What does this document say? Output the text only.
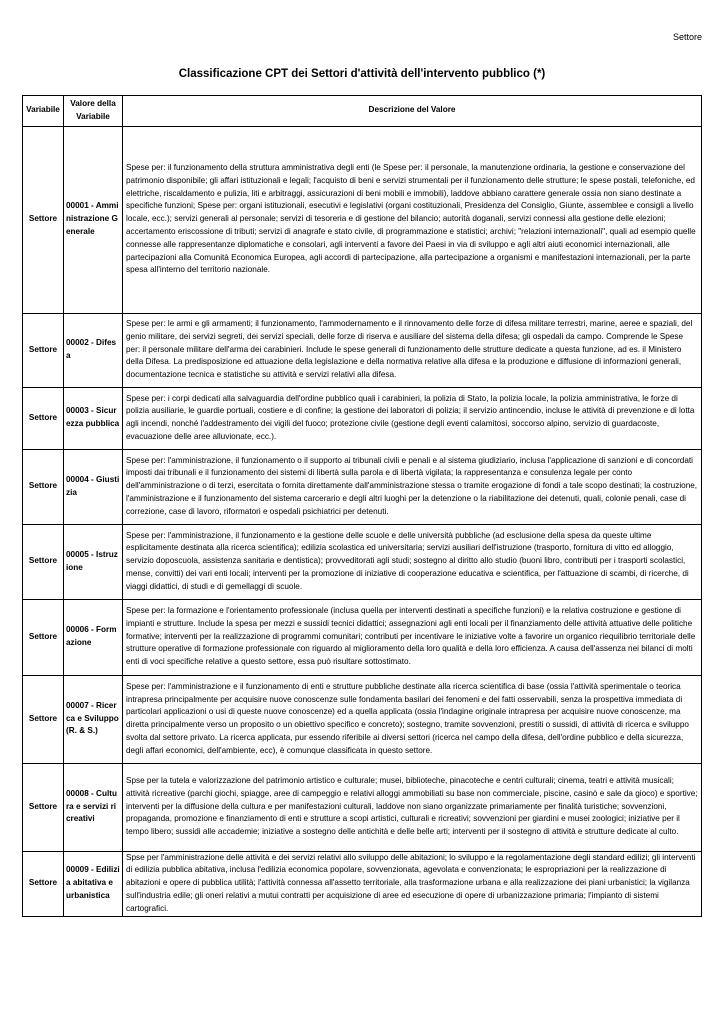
Settore
Classificazione CPT dei Settori d'attività dell'intervento pubblico (*)
Variabile	Valore della Variabile	Descrizione del Valore
Settore	00001 - Amministrazione Generale	Spese per: il funzionamento della struttura amministrativa degli enti (le Spese per: il personale, la manutenzione ordinaria, la gestione e conservazione del patrimonio disponibile; gli affari istituzionali e legali; l'acquisto di beni e servizi strumentali per il funzionamento delle strutture; le spese postali, telefoniche, ed elettriche, riscaldamento e pulizia, liti e arbitraggi, assicurazioni di beni mobili e immobili), laddove abbiano carattere generale ossia non siano destinate a specifiche funzioni; Spese per: organi istituzionali, esecutivi e legislativi (organi costituzionali, Presidenza del Consiglio, Giunte, assemblee e consigli a livello locale, ecc.); servizi generali al personale; servizi di tesoreria e di gestione del bilancio; autorità doganali, servizi connessi alla gestione delle elezioni; accertamento eriscossione di tributi; servizi di anagrafe e stato civile, di programmazione e statistici; archivi; "relazioni internazionali", quali ad esempio quelle connesse alle rappresentanze diplomatiche e consolari, agli interventi a favore dei Paesi in via di sviluppo e agli altri aiuti economici internazionali, alle partecipazioni alla Comunità Economica Europea, agli accordi di partecipazione, alla partecipazione a organismi e manifestazioni internazionali, per la parte spesa all'interno del territorio nazionale.
Settore	00002 - Difesa	Spese per: le armi e gli armamenti; il funzionamento, l'ammodernamento e il rinnovamento delle forze di difesa militare terrestri, marine, aeree e spaziali, del genio militare, dei servizi segreti, dei servizi speciali, delle forze di riserva e ausiliare del sistema della difesa; gli ospedali da campo. Comprende le Spese per: il personale militare dell'arma dei carabinieri. Include le spese generali di funzionamento delle strutture dedicate a questa funzione, ad es. il Ministero della Difesa. La predisposizione ed attuazione della legislazione e della normativa relative alla difesa e la produzione e diffusione di informazioni generali, documentazione tecnica e statistiche su attività e servizi relativi alla difesa.
Settore	00003 - Sicurezza pubblica	Spese per: i corpi dedicati alla salvaguardia dell'ordine pubblico quali i carabinieri, la polizia di Stato, la polizia locale, la polizia amministrativa, le forze di polizia ausiliarie, le guardie portuali, costiere e di confine; la gestione dei laboratori di polizia; il servizio antincendio, incluse le attività di prevenzione e di lotta agli incendi, nonché l'addestramento dei vigili del fuoco; protezione civile (gestione degli eventi calamitosi, soccorso alpino, servizio di guardacoste, evacuazione delle aree alluvionate, ecc.).
Settore	00004 - Giustizia	Spese per: l'amministrazione, il funzionamento o il supporto ai tribunali civili e penali e al sistema giudiziario, inclusa l'applicazione di sanzioni e di concordati imposti dai tribunali e il funzionamento dei sistemi di libertà sulla parola e di libertà vigilata; la rappresentanza e consulenza legale per conto dell'amministrazione o di terzi, esercitata o fornita direttamente dall'amministrazione stessa o tramite erogazione di fondi a tale scopo destinati; la costruzione, l'amministrazione e il funzionamento del sistema carcerario e degli altri luoghi per la detenzione o la riabilitazione dei detenuti, quali, colonie penali, case di correzione, case di lavoro, riformatori e ospedali psichiatrici per detenuti.
Settore	00005 - Istruzione	Spese per: l'amministrazione, il funzionamento e la gestione delle scuole e delle università pubbliche (ad esclusione della spesa da queste ultime esplicitamente destinata alla ricerca scientifica); edilizia scolastica ed universitaria; servizi ausiliari dell'istruzione (trasporto, fornitura di vitto ed alloggio, servizio doposcuola, assistenza sanitaria e dentistica); provveditorati agli studi; sostegno al diritto allo studio (buoni libro, contributi per i trasporti scolastici, mense, convitti) dei vari enti locali; interventi per la promozione di iniziative di cooperazione educativa e scientifica, per l'attuazione di scambi, di ricerche, di viaggi didattici, di studi e di gemellaggi di scuole.
Settore	00006 - Formazione	Spese per: la formazione e l'orientamento professionale (inclusa quella per interventi destinati a specifiche funzioni) e la relativa costruzione e gestione di impianti e strutture. Include la spesa per mezzi e sussidi tecnici didattici; assegnazioni agli enti locali per il finanziamento delle attività attuative delle politiche formative; interventi per la realizzazione di programmi comunitari; contributi per incentivare le iniziative volte a favorire un organico riequilibrio territoriale delle strutture operative di formazione professionale con riguardo al miglioramento della loro qualità e della loro efficienza. A causa dell'assenza nei bilanci di molti enti di voci specifiche relative a questo settore, essa può risultare sottostimato.
Settore	00007 - Ricerca e Sviluppo (R. & S.)	Spese per: l'amministrazione e il funzionamento di enti e strutture pubbliche destinate alla ricerca scientifica di base (ossia l'attività sperimentale o teorica intrapresa principalmente per acquisire nuove conoscenze sulle fondamenta basilari dei fenomeni e dei fatti osservabili, senza la prospettiva immediata di particolari applicazioni o usi di queste nuove conoscenze) ed a quella applicata (ossia l'indagine originale intrapresa per acquisire nuove conoscenze, ma diretta principalmente verso un proposito o un obiettivo specifico e concreto); sostegno, tramite sovvenzioni, prestiti o sussidi, di attività di ricerca e sviluppo svolta dal settore privato. La ricerca applicata, pur essendo riferibile ai diversi settori (ricerca nel campo della difesa, dell'ordine pubblico e della sicurezza, degli affari economici, dell'ambiente, ecc), è comunque classificata in questo settore.
Settore	00008 - Cultura e servizi ricreativi	Spse per la tutela e valorizzazione del patrimonio artistico e culturale; musei, biblioteche, pinacoteche e centri culturali; cinema, teatri e attività musicali; attività ricreative (parchi giochi, spiagge, aree di campeggio e relativi alloggi ammobiliati su base non commerciale, piscine, casinò e sale da gioco) e sportive; interventi per la diffusione della cultura e per manifestazioni culturali, laddove non siano organizzate primariamente per finalità turistiche; sovvenzioni, propaganda, promozione e finanziamento di enti e strutture a scopi artistici, culturali e ricreativi; sovvenzioni per giardini e musei zoologici; iniziative per il tempo libero; sussidi alle accademie; iniziative a sostegno delle antichità e delle belle arti; interventi per il sostegno di attività e strutture dedicate al culto.
Settore	00009 - Edilizia abitativa e urbanistica	Spse per l'amministrazione delle attività e dei servizi relativi allo sviluppo delle abitazioni; lo sviluppo e la regolamentazione degli standard edilizi; gli interventi di edilizia pubblica abitativa, inclusa l'edilizia economica popolare, sovvenzionata, agevolata e convenzionata; le espropriazioni per la realizzazione di abitazioni e opere di pubblica utilità; l'attività connessa all'assetto territoriale, alla trasformazione urbana e alla realizzazione dei piani urbanistici; la vigilanza sull'industria edile; gli oneri relativi a mutui contratti per acquisizione di aree ed esecuzione di opere di urbanizzazione primaria; l'impianto di sistemi cartografici.
